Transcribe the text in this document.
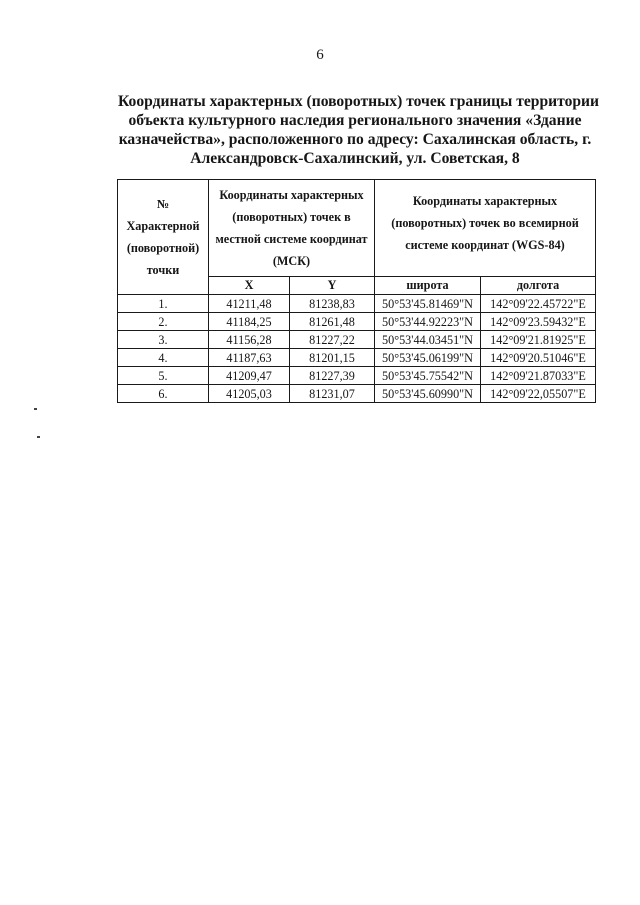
6
Координаты характерных (поворотных) точек границы территории
объекта культурного наследия регионального значения «Здание
казначейства», расположенного по адресу: Сахалинская область, г.
Александровск-Сахалинский, ул. Советская, 8
№ Характерной (поворотной) точки	Координаты характерных (поворотных) точек в местной системе координат (МСК)		Координаты характерных (поворотных) точек во всемирной системе координат (WGS-84)	
	X	Y	широта	долгота
1.	41211,48	81238,83	50°53'45.81469"N	142°09'22.45722"E
2.	41184,25	81261,48	50°53'44.92223"N	142°09'23.59432"E
3.	41156,28	81227,22	50°53'44.03451"N	142°09'21.81925"E
4.	41187,63	81201,15	50°53'45.06199"N	142°09'20.51046"E
5.	41209,47	81227,39	50°53'45.75542"N	142°09'21.87033"E
6.	41205,03	81231,07	50°53'45.60990"N	142°09'22,05507"E
